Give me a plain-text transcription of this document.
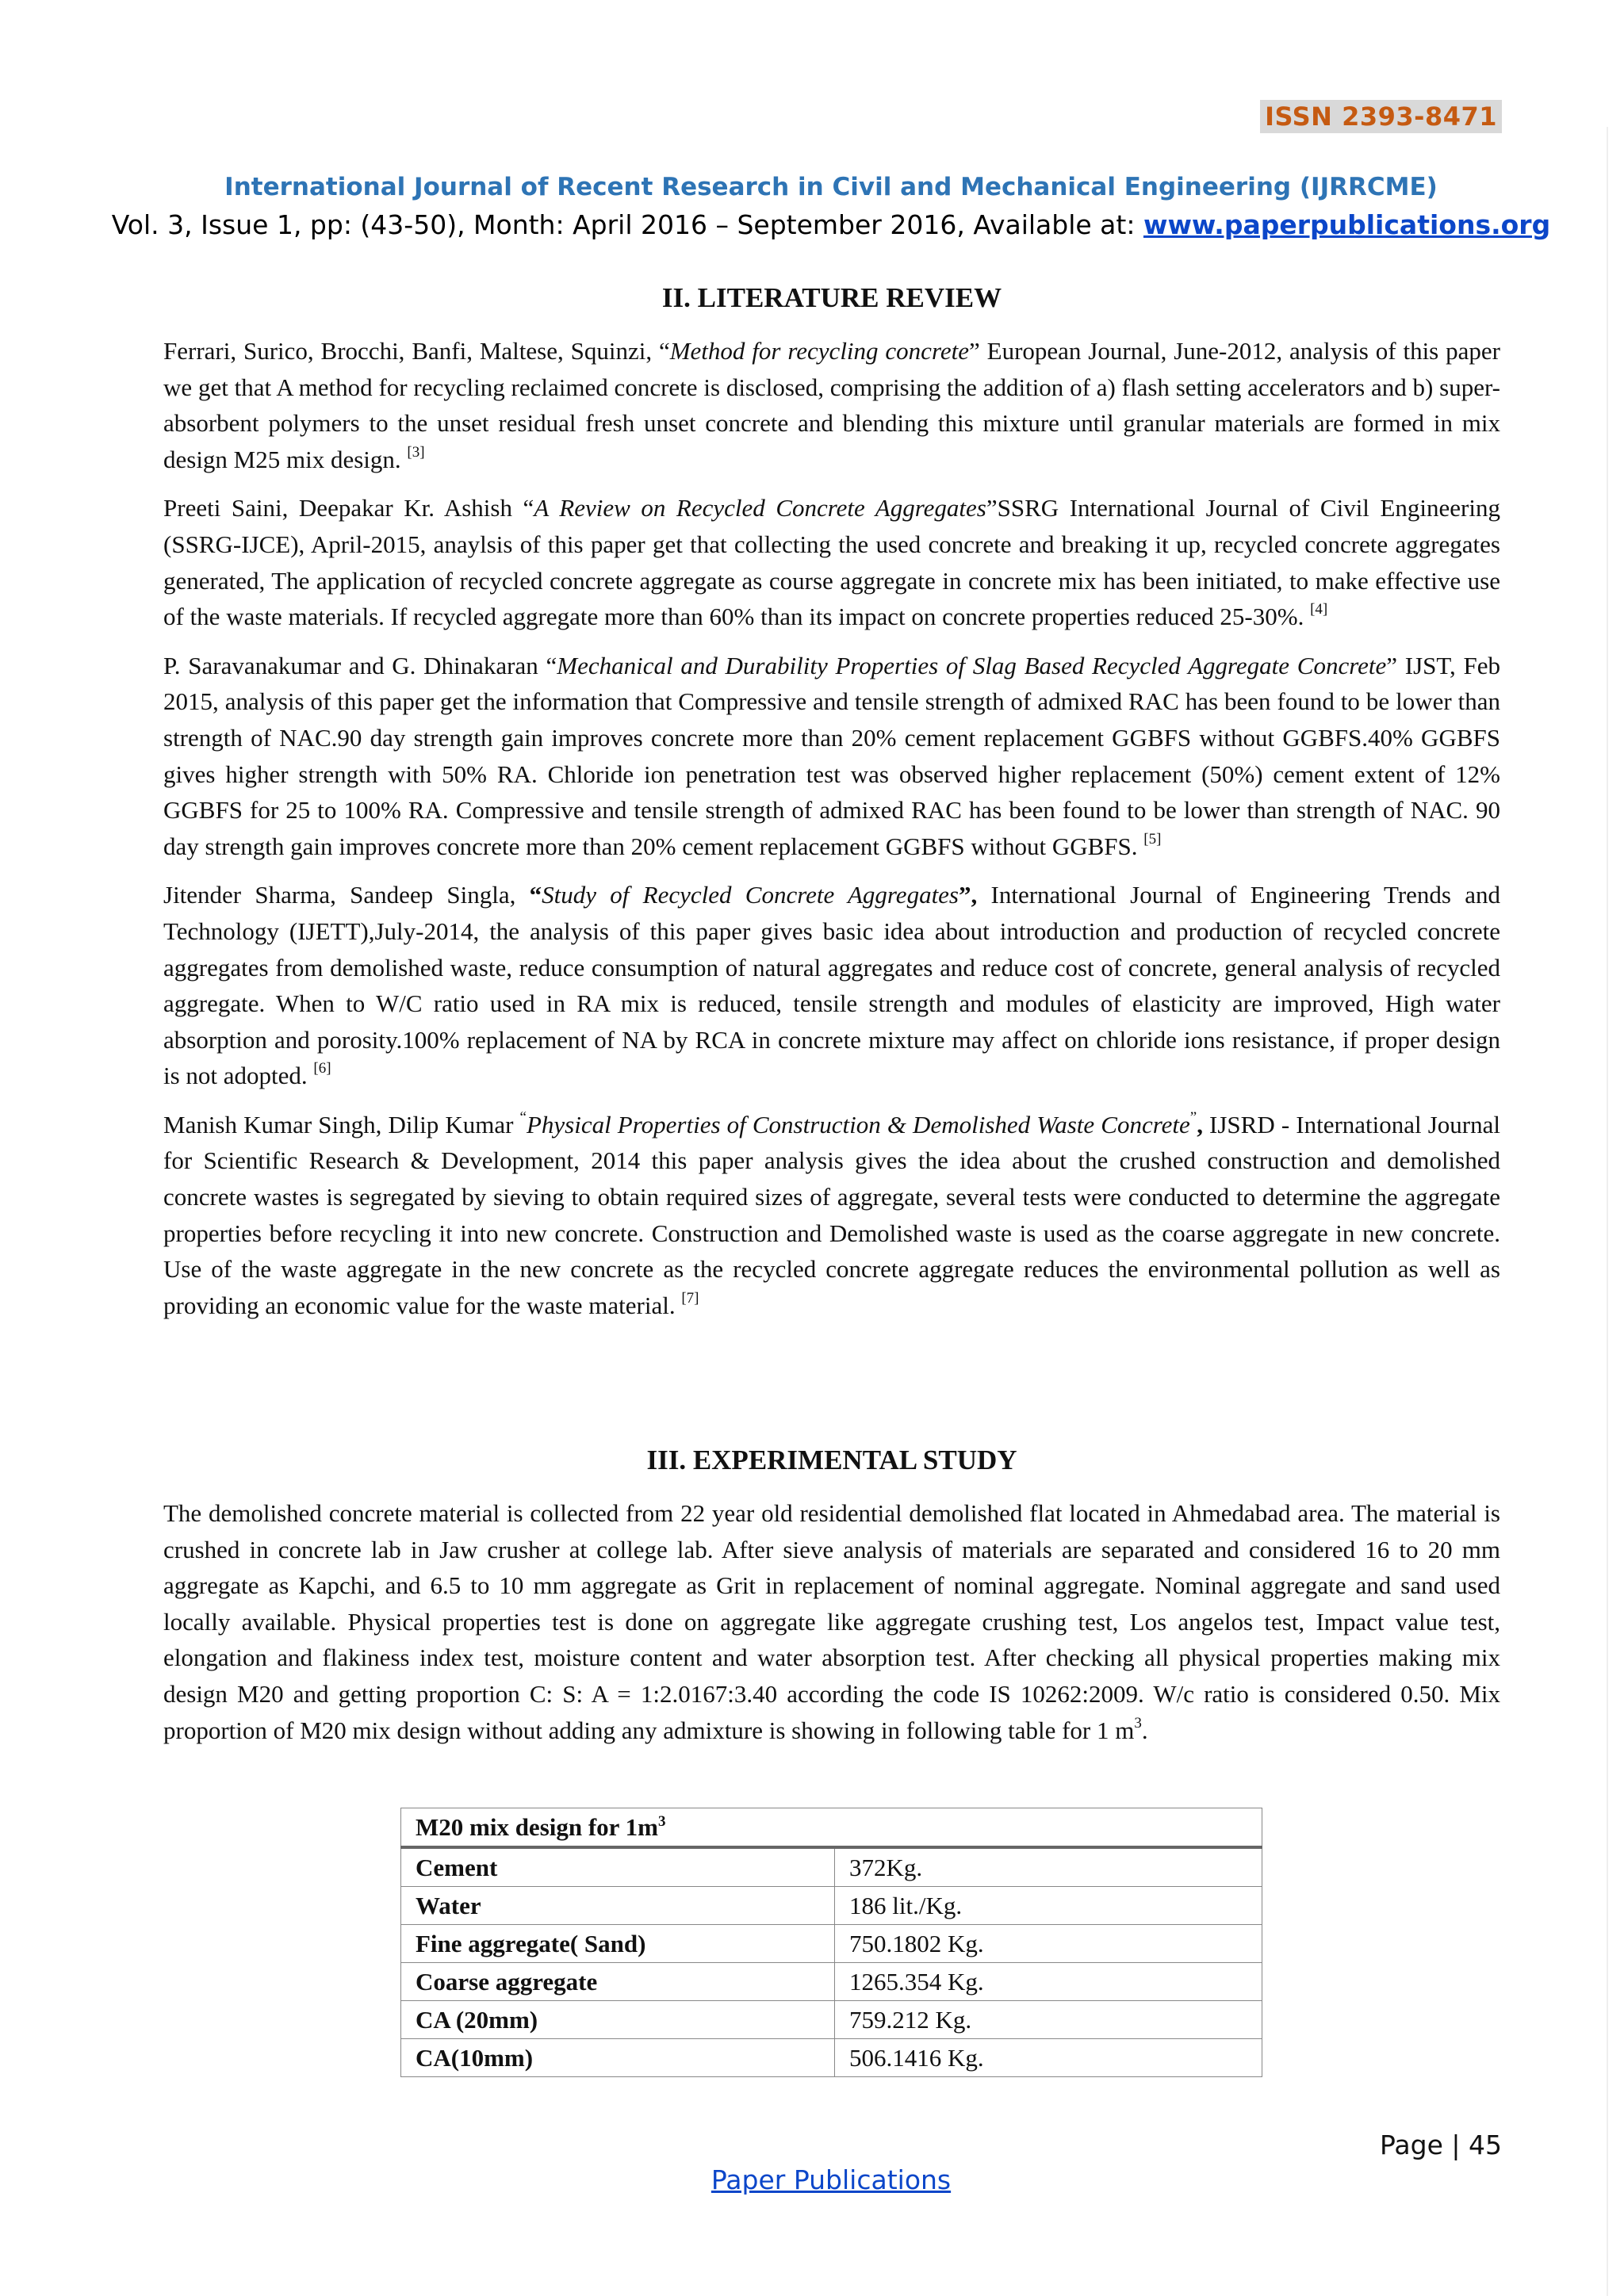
ISSN 2393-8471
International Journal of Recent Research in Civil and Mechanical Engineering (IJRRCME)
Vol. 3, Issue 1, pp: (43-50), Month: April 2016 – September 2016, Available at: www.paperpublications.org
II. LITERATURE REVIEW

Ferrari, Surico, Brocchi, Banfi, Maltese, Squinzi, “Method for recycling concrete” European Journal, June-2012, analysis of this paper we get that A method for recycling reclaimed concrete is disclosed, comprising the addition of a) flash setting accelerators and b) super-absorbent polymers to the unset residual fresh unset concrete and blending this mixture until granular materials are formed in mix design M25 mix design. [3]

Preeti Saini, Deepakar Kr. Ashish “A Review on Recycled Concrete Aggregates”SSRG International Journal of Civil Engineering (SSRG-IJCE), April-2015, anaylsis of this paper get that collecting the used concrete and breaking it up, recycled concrete aggregates generated, The application of recycled concrete aggregate as course aggregate in concrete mix has been initiated, to make effective use of the waste materials. If recycled aggregate more than 60% than its impact on concrete properties reduced 25-30%. [4]

P. Saravanakumar and G. Dhinakaran “Mechanical and Durability Properties of Slag Based Recycled Aggregate Concrete” IJST, Feb 2015, analysis of this paper get the information that Compressive and tensile strength of admixed RAC has been found to be lower than strength of NAC.90 day strength gain improves concrete more than 20% cement replacement GGBFS without GGBFS.40% GGBFS gives higher strength with 50% RA. Chloride ion penetration test was observed higher replacement (50%) cement extent of 12% GGBFS for 25 to 100% RA. Compressive and tensile strength of admixed RAC has been found to be lower than strength of NAC. 90 day strength gain improves concrete more than 20% cement replacement GGBFS without GGBFS. [5]

Jitender Sharma, Sandeep Singla, “Study of Recycled Concrete Aggregates”, International Journal of Engineering Trends and Technology (IJETT),July-2014, the analysis of this paper gives basic idea about introduction and production of recycled concrete aggregates from demolished waste, reduce consumption of natural aggregates and reduce cost of concrete, general analysis of recycled aggregate. When to W/C ratio used in RA mix is reduced, tensile strength and modules of elasticity are improved, High water absorption and porosity.100% replacement of NA by RCA in concrete mixture may affect on chloride ions resistance, if proper design is not adopted. [6]

Manish Kumar Singh, Dilip Kumar “Physical Properties of Construction & Demolished Waste Concrete”, IJSRD - International Journal for Scientific Research & Development, 2014 this paper analysis gives the idea about the crushed construction and demolished concrete wastes is segregated by sieving to obtain required sizes of aggregate, several tests were conducted to determine the aggregate properties before recycling it into new concrete. Construction and Demolished waste is used as the coarse aggregate in new concrete. Use of the waste aggregate in the new concrete as the recycled concrete aggregate reduces the environmental pollution as well as providing an economic value for the waste material. [7]

III. EXPERIMENTAL STUDY

The demolished concrete material is collected from 22 year old residential demolished flat located in Ahmedabad area. The material is crushed in concrete lab in Jaw crusher at college lab. After sieve analysis of materials are separated and considered 16 to 20 mm aggregate as Kapchi, and 6.5 to 10 mm aggregate as Grit in replacement of nominal aggregate. Nominal aggregate and sand used locally available. Physical properties test is done on aggregate like aggregate crushing test, Los angelos test, Impact value test, elongation and flakiness index test, moisture content and water absorption test. After checking all physical properties making mix design M20 and getting proportion C: S: A = 1:2.0167:3.40 according the code IS 10262:2009. W/c ratio is considered 0.50. Mix proportion of M20 mix design without adding any admixture is showing in following table for 1 $m^3$.

M20 mix design for $1m^3$
Cement	372Kg.
Water	186 lit./Kg.
Fine aggregate( Sand)	750.1802 Kg.
Coarse aggregate	1265.354 Kg.
CA (20mm)	759.212 Kg.
CA(10mm)	506.1416 Kg.
Page | 45
Paper Publications
